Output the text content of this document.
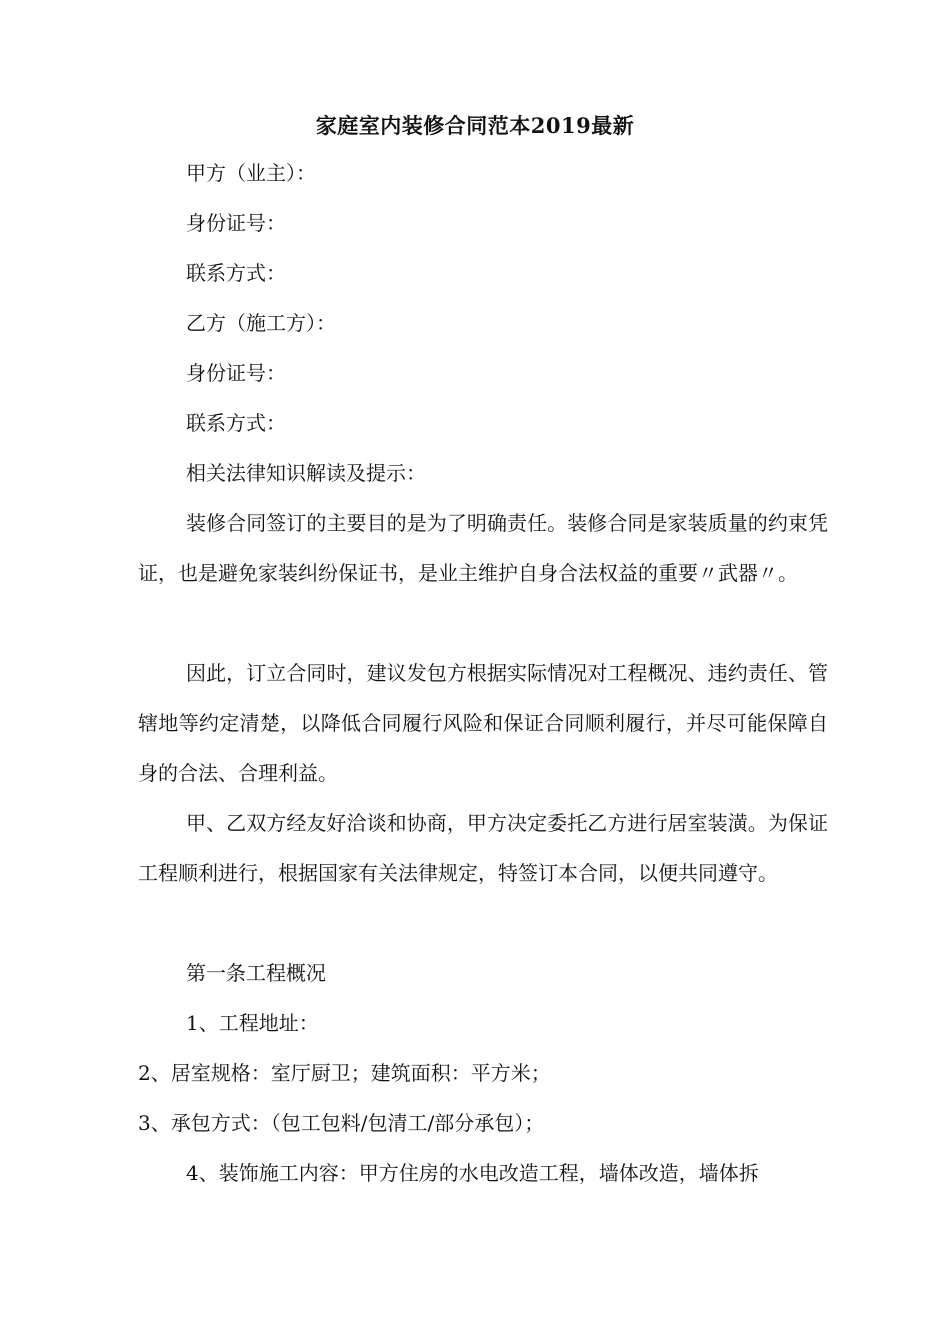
家庭室内装修合同范本2019最新
甲方（业主）：
身份证号：
联系方式：
乙方（施工方）：
身份证号：
联系方式：
相关法律知识解读及提示：

装修合同签订的主要目的是为了明确责任。装修合同是家装质量的约束凭证，也是避免家装纠纷保证书，是业主维护自身合法权益的重要〃武器〃。

因此，订立合同时，建议发包方根据实际情况对工程概况、违约责任、管辖地等约定清楚，以降低合同履行风险和保证合同顺利履行，并尽可能保障自身的合法、合理利益。

甲、乙双方经友好洽谈和协商，甲方决定委托乙方进行居室装潢。为保证工程顺利进行，根据国家有关法律规定，特签订本合同，以便共同遵守。

第一条工程概况
1、工程地址：
2、居室规格：室厅厨卫；建筑面积：平方米；
3、承包方式：（包工包料/包清工/部分承包）；
4、装饰施工内容：甲方住房的水电改造工程，墙体改造，墙体拆
